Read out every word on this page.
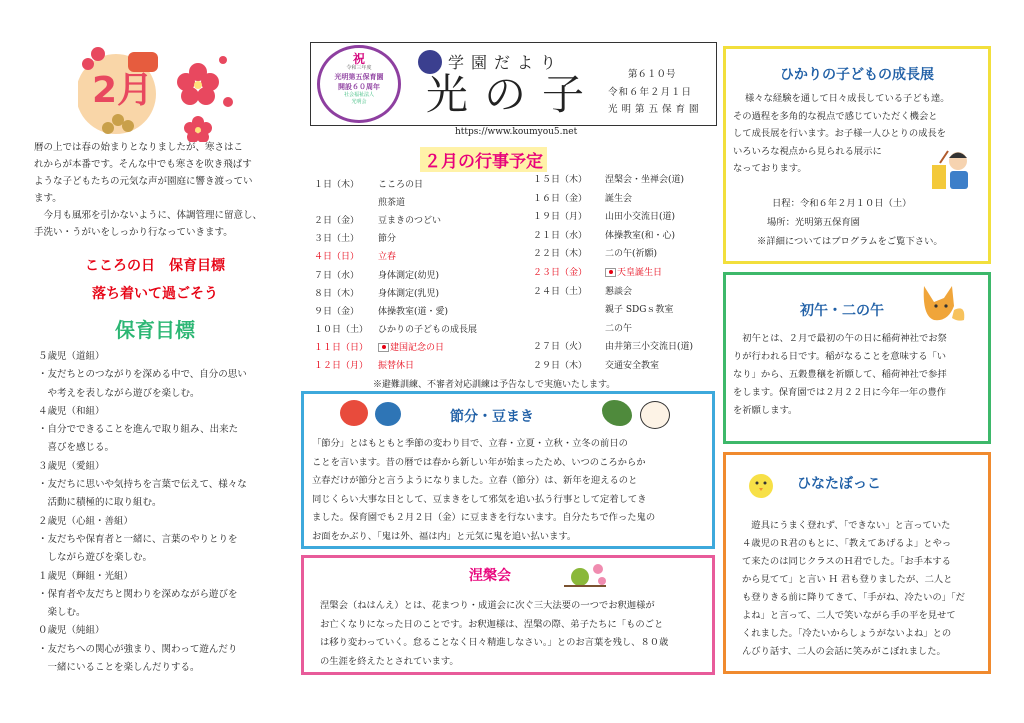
2月
暦の上では春の始まりとなりましたが、寒さはこ
れからが本番です。そんな中でも寒さを吹き飛ばす
ような子どもたちの元気な声が園庭に響き渡ってい
ます。
　今月も風邪を引かないように、体調管理に留意し、
手洗い・うがいをしっかり行なっていきます。
こころの日　保育目標
落ち着いて過ごそう
保育目標
５歳児（道組）
・友だちとのつながりを深める中で、自分の思い
　や考えを表しながら遊びを楽しむ。
４歳児（和組）
・自分でできることを進んで取り組み、出来た
　喜びを感じる。
３歳児（愛組）
・友だちに思いや気持ちを言葉で伝えて、様々な
　活動に積極的に取り組む。
２歳児（心組・善組）
・友だちや保育者と一緒に、言葉のやりとりを
　しながら遊びを楽しむ。
１歳児（輝組・光組）
・保育者や友だちと関わりを深めながら遊びを
　楽しむ。
０歳児（純組）
・友だちへの関心が強まり、関わって遊んだり
　一緒にいることを楽しんだりする。
祝
令和三年度
光明第五保育園
開設６０周年
社会福祉法人
光明会
学園だより
光の子	第６１０号
令和６年２月１日
光明第五保育園
https://www.koumyou5.net
２月の行事予定
１日（木） こころの日
煎茶道
２日（金） 豆まきのつどい
３日（土） 節分
４日（日） 立春
７日（水） 身体測定(幼児)
８日（木） 身体測定(乳児)
９日（金） 体操教室(道・愛)
１０日（土） ひかりの子どもの成長展
１１日（日）	建国記念の日
１２日（月） 振替休日
１５日（木） 涅槃会・坐禅会(道)
１６日（金） 誕生会
１９日（月） 山田小交流日(道)
２１日（水） 体操教室(和・心)
２２日（木） 二の午(祈願)
２３日（金）	天皇誕生日
２４日（土） 懇談会
親子 SDGｓ教室
二の午
２７日（火） 由井第三小交流日(道)
２９日（木） 交通安全教室
※避難訓練、不審者対応訓練は予告なしで実施いたします。
節分・豆まき
「節分」とはもともと季節の変わり目で、立春・立夏・立秋・立冬の前日の
ことを言います。昔の暦では春から新しい年が始まったため、いつのころからか
立春だけが節分と言うようになりました。立春（節分）は、新年を迎えるのと
同じくらい大事な日として、豆まきをして邪気を追い払う行事として定着してき
ました。保育園でも２月２日（金）に豆まきを行ないます。自分たちで作った鬼の
お面をかぶり、「鬼は外、福は内」と元気に鬼を追い払います。
涅槃会
涅槃会（ねはんえ）とは、花まつり・成道会に次ぐ三大法要の一つでお釈迦様が
お亡くなりになった日のことです。お釈迦様は、涅槃の際、弟子たちに「ものごと
は移り変わっていく。怠ることなく日々精進しなさい。」とのお言葉を残し、８０歳
の生涯を終えたとされています。
ひかりの子どもの成長展
様々な経験を通して日々成長している子ども達。
その過程を多角的な視点で感じていただく機会と
して成長展を行います。お子様一人ひとりの成長を
いろいろな視点から見られる展示に
なっております。
日程：令和６年２月１０日（土）
場所：光明第五保育園
※詳細についてはブログラムをご覧下さい。
初午・二の午
　初午とは、２月で最初の午の日に稲荷神社でお祭
りが行われる日です。稲がなることを意味する「い
なり」から、五穀豊穣を祈願して、稲荷神社で参拝
をします。保育園では２月２２日に今年一年の豊作
を祈願します。
ひなたぼっこ
　遊具にうまく登れず、「できない」と言っていた
４歳児のＲ君のもとに、「教えてあげるよ」とやっ
て来たのは同じクラスのＨ君でした。「お手本する
から見てて」と言い Ｈ 君も登りましたが、二人と
も登りきる前に降りてきて、「手がね、冷たいの」「だ
よね」と言って、二人で笑いながら手の平を見せて
くれました。「冷たいからしょうがないよね」との
んびり話す、二人の会話に笑みがこぼれました。
